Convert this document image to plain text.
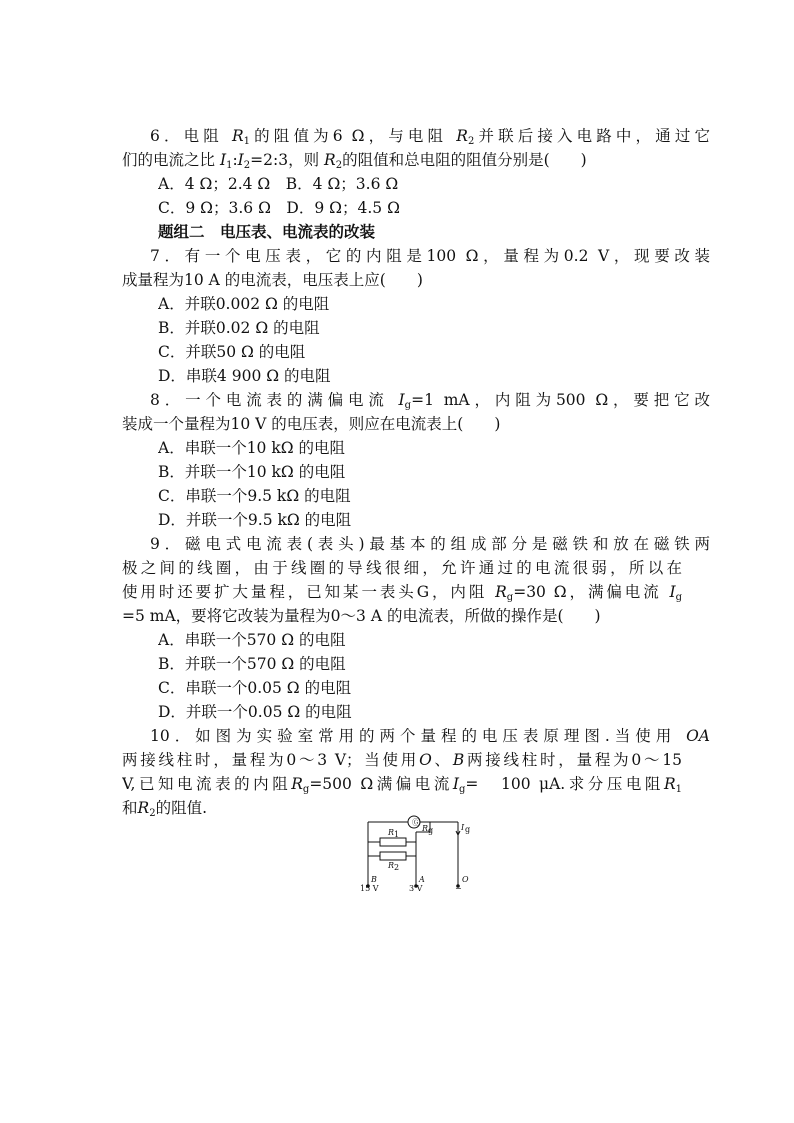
6．电阻 $R_1$的阻值为6 Ω，与电阻 $R_2$并联后接入电路中，通过它
们的电流之比 $I_1:I_2=2:3$，则 $R_2$的阻值和总电阻的阻值分别是(　　)
A．4 Ω；2.4 Ω　B．4 Ω；3.6 Ω
C．9 Ω；3.6 Ω　D．9 Ω；4.5 Ω
题组二　电压表、电流表的改装
7．有一个电压表，它的内阻是100 Ω，量程为0.2 V，现要改装
成量程为10 A 的电流表，电压表上应(　　)
A．并联0.002 Ω 的电阻
B．并联0.02 Ω 的电阻
C．并联50 Ω 的电阻
D．串联4 900 Ω 的电阻
8．一个电流表的满偏电流 $I_g=1$ mA，内阻为500 Ω，要把它改
装成一个量程为10 V 的电压表，则应在电流表上(　　)
A．串联一个10 kΩ 的电阻
B．并联一个10 kΩ 的电阻
C．串联一个9.5 kΩ 的电阻
D．并联一个9.5 kΩ 的电阻
9．磁电式电流表(表头)最基本的组成部分是磁铁和放在磁铁两
极之间的线圈，由于线圈的导线很细，允许通过的电流很弱，所以在
使用时还要扩大量程，已知某一表头G，内阻 $R_g=30$ Ω，满偏电流 $I_g$
=5 mA，要将它改装为量程为0～3 A 的电流表，所做的操作是(　　)
A．串联一个570 Ω 的电阻
B．并联一个570 Ω 的电阻
C．串联一个0.05 Ω 的电阻
D．并联一个0.05 Ω 的电阻
10．如图为实验室常用的两个量程的电压表原理图.当使用 OA
两接线柱时，量程为0～3 V；当使用O、B两接线柱时，量程为0～15
V,已知电流表的内阻$R_g=500$ Ω满偏电流$I_g=$　100 μA.求分压电阻$R_1$
和$R_2$的阻值.
Ⓖ
R 1
R 2
R g	I g
B	A	O
15 V	3 V	−
